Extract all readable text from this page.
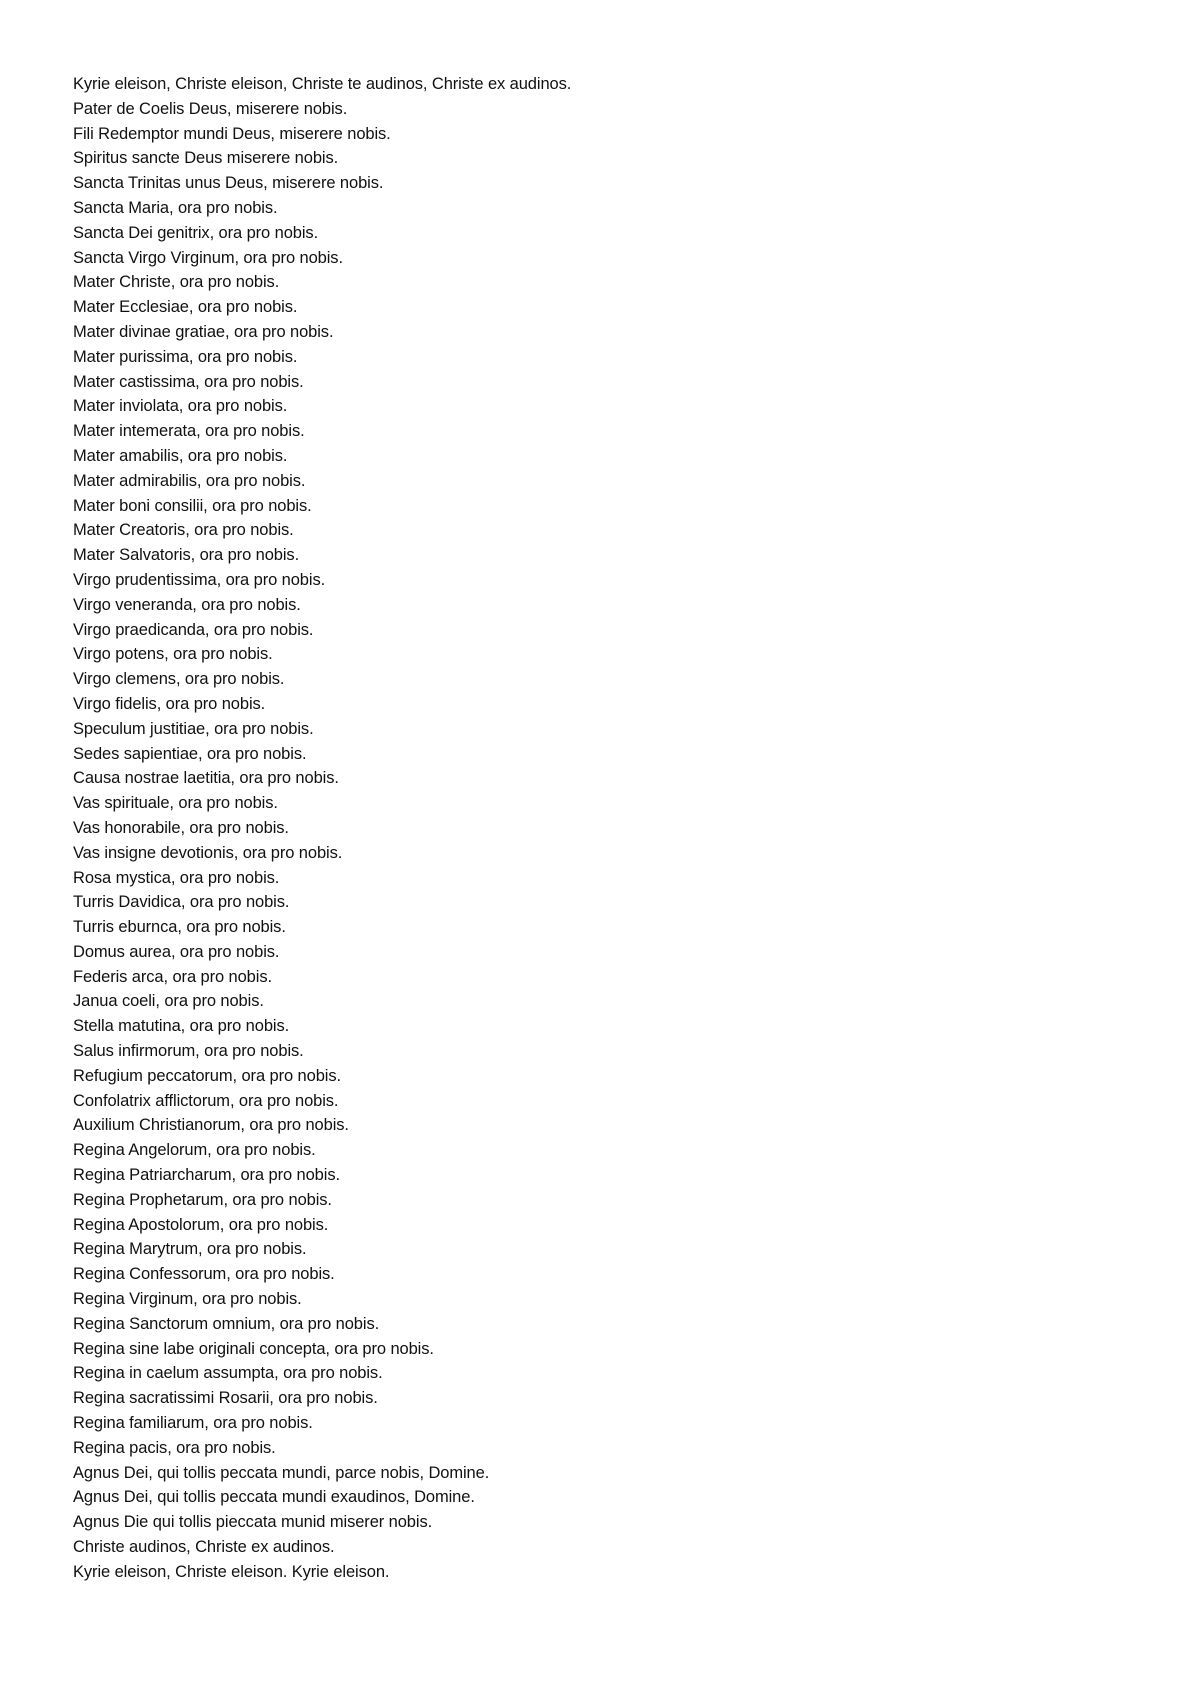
Kyrie eleison, Christe eleison, Christe te audinos, Christe ex audinos.
Pater de Coelis Deus, miserere nobis.
Fili Redemptor mundi Deus, miserere nobis.
Spiritus sancte Deus miserere nobis.
Sancta Trinitas unus Deus, miserere nobis.
Sancta Maria, ora pro nobis.
Sancta Dei genitrix, ora pro nobis.
Sancta Virgo Virginum, ora pro nobis.
Mater Christe, ora pro nobis.
Mater Ecclesiae, ora pro nobis.
Mater divinae gratiae, ora pro nobis.
Mater purissima, ora pro nobis.
Mater castissima, ora pro nobis.
Mater inviolata, ora pro nobis.
Mater intemerata, ora pro nobis.
Mater amabilis, ora pro nobis.
Mater admirabilis, ora pro nobis.
Mater boni consilii, ora pro nobis.
Mater Creatoris, ora pro nobis.
Mater Salvatoris, ora pro nobis.
Virgo prudentissima, ora pro nobis.
Virgo veneranda, ora pro nobis.
Virgo praedicanda, ora pro nobis.
Virgo potens, ora pro nobis.
Virgo clemens, ora pro nobis.
Virgo fidelis, ora pro nobis.
Speculum justitiae, ora pro nobis.
Sedes sapientiae, ora pro nobis.
Causa nostrae laetitia, ora pro nobis.
Vas spirituale, ora pro nobis.
Vas honorabile, ora pro nobis.
Vas insigne devotionis, ora pro nobis.
Rosa mystica, ora pro nobis.
Turris Davidica, ora pro nobis.
Turris eburnca, ora pro nobis.
Domus aurea, ora pro nobis.
Federis arca, ora pro nobis.
Janua coeli, ora pro nobis.
Stella matutina, ora pro nobis.
Salus infirmorum, ora pro nobis.
Refugium peccatorum, ora pro nobis.
Confolatrix afflictorum, ora pro nobis.
Auxilium Christianorum, ora pro nobis.
Regina Angelorum, ora pro nobis.
Regina Patriarcharum, ora pro nobis.
Regina Prophetarum, ora pro nobis.
Regina Apostolorum, ora pro nobis.
Regina Marytrum, ora pro nobis.
Regina Confessorum, ora pro nobis.
Regina Virginum, ora pro nobis.
Regina Sanctorum omnium, ora pro nobis.
Regina sine labe originali concepta, ora pro nobis.
Regina in caelum assumpta, ora pro nobis.
Regina sacratissimi Rosarii, ora pro nobis.
Regina familiarum, ora pro nobis.
Regina pacis, ora pro nobis.
Agnus Dei, qui tollis peccata mundi, parce nobis, Domine.
Agnus Dei, qui tollis peccata mundi exaudinos, Domine.
Agnus Die qui tollis pieccata munid miserer nobis.
Christe audinos, Christe ex audinos.
Kyrie eleison, Christe eleison. Kyrie eleison.
